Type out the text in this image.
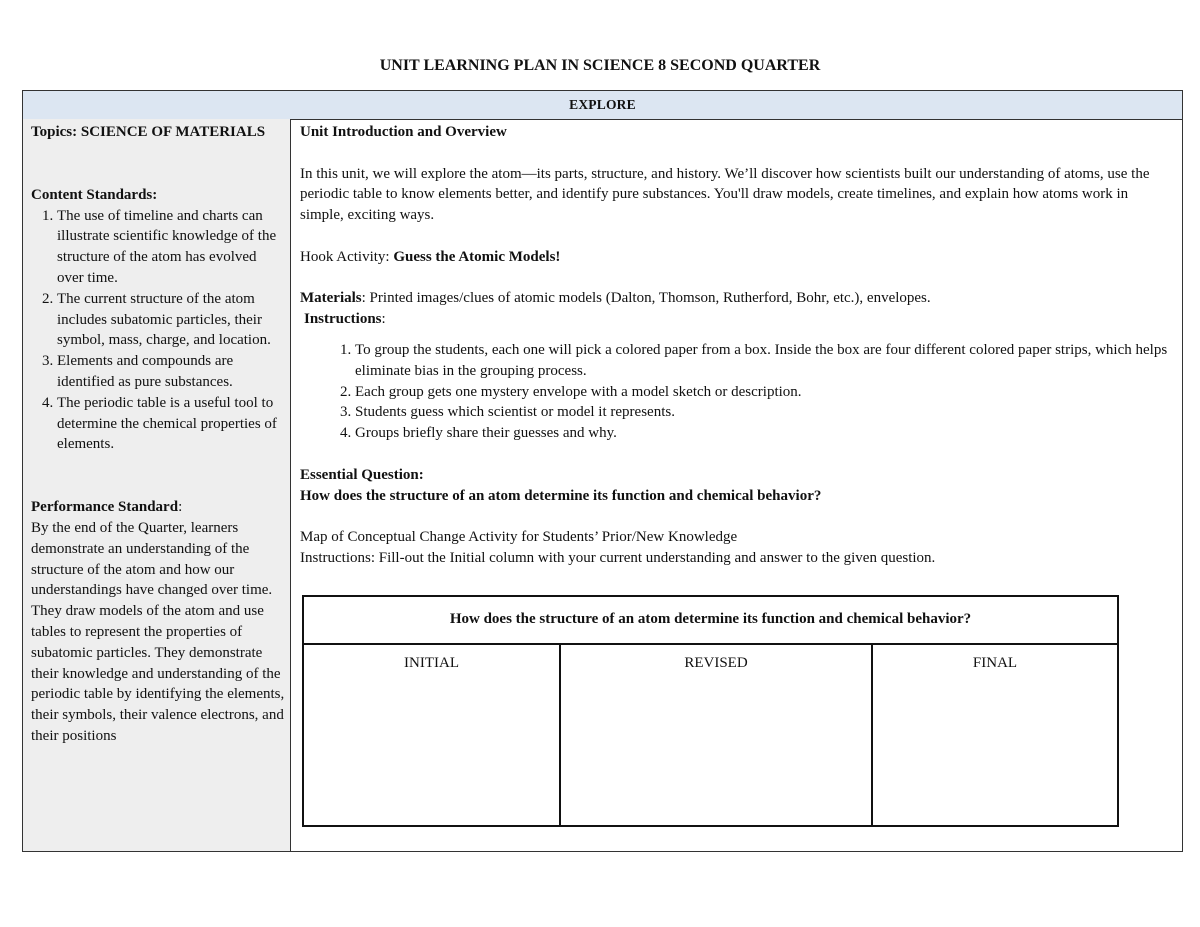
UNIT LEARNING PLAN IN SCIENCE 8 SECOND QUARTER
EXPLORE
Topics: SCIENCE OF MATERIALS
Content Standards:
1. The use of timeline and charts can illustrate scientific knowledge of the structure of the atom has evolved over time.
2. The current structure of the atom includes subatomic particles, their symbol, mass, charge, and location.
3. Elements and compounds are identified as pure substances.
4. The periodic table is a useful tool to determine the chemical properties of elements.
Performance Standard:
By the end of the Quarter, learners demonstrate an understanding of the structure of the atom and how our understandings have changed over time. They draw models of the atom and use tables to represent the properties of subatomic particles. They demonstrate their knowledge and understanding of the periodic table by identifying the elements, their symbols, their valence electrons, and their positions

Unit Introduction and Overview

In this unit, we will explore the atom—its parts, structure, and history. We’ll discover how scientists built our understanding of atoms, use the periodic table to know elements better, and identify pure substances. You'll draw models, create timelines, and explain how atoms work in simple, exciting ways.

Hook Activity: Guess the Atomic Models!

Materials: Printed images/clues of atomic models (Dalton, Thomson, Rutherford, Bohr, etc.), envelopes.

Instructions:

1. To group the students, each one will pick a colored paper from a box. Inside the box are four different colored paper strips, which helps eliminate bias in the grouping process.
2. Each group gets one mystery envelope with a model sketch or description.
3. Students guess which scientist or model it represents.
4. Groups briefly share their guesses and why.

Essential Question:

How does the structure of an atom determine its function and chemical behavior?

Map of Conceptual Change Activity for Students’ Prior/New Knowledge

Instructions: Fill-out the Initial column with your current understanding and answer to the given question.

How does the structure of an atom determine its function and chemical behavior?
INITIAL	REVISED	FINAL
